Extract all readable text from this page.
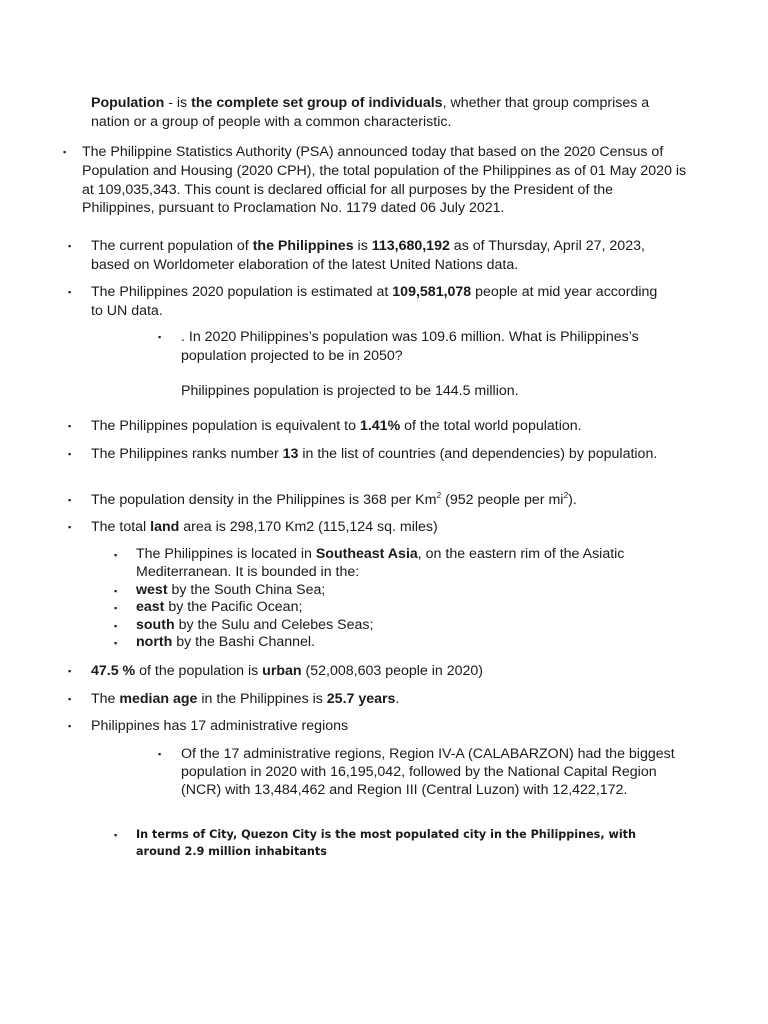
Population - is the complete set group of individuals, whether that group comprises a nation or a group of people with a common characteristic.
▪ The Philippine Statistics Authority (PSA) announced today that based on the 2020 Census of Population and Housing (2020 CPH), the total population of the Philippines as of 01 May 2020 is at 109,035,343. This count is declared official for all purposes by the President of the Philippines, pursuant to Proclamation No. 1179 dated 06 July 2021.
▪ The current population of the Philippines is 113,680,192 as of Thursday, April 27, 2023, based on Worldometer elaboration of the latest United Nations data.
▪ The Philippines 2020 population is estimated at 109,581,078 people at mid year according to UN data.
▪ . In 2020 Philippines’s population was 109.6 million. What is Philippines’s population projected to be in 2050?
Philippines population is projected to be 144.5 million.
▪ The Philippines population is equivalent to 1.41% of the total world population.
▪ The Philippines ranks number 13 in the list of countries (and dependencies) by population.
▪ The population density in the Philippines is 368 per Km$^2$ (952 people per $mi^2$).
▪ The total land area is 298,170 Km2 (115,124 sq. miles)
▪ The Philippines is located in Southeast Asia, on the eastern rim of the Asiatic Mediterranean. It is bounded in the:
▪ west by the South China Sea;
▪ east by the Pacific Ocean;
▪ south by the Sulu and Celebes Seas;
▪ north by the Bashi Channel.
▪ 47.5 % of the population is urban (52,008,603 people in 2020)
▪ The median age in the Philippines is 25.7 years.
▪ Philippines has 17 administrative regions
▪ Of the 17 administrative regions, Region IV-A (CALABARZON) had the biggest population in 2020 with 16,195,042, followed by the National Capital Region (NCR) with 13,484,462 and Region III (Central Luzon) with 12,422,172.
▪ In terms of City, Quezon City is the most populated city in the Philippines, with around 2.9 million inhabitants
